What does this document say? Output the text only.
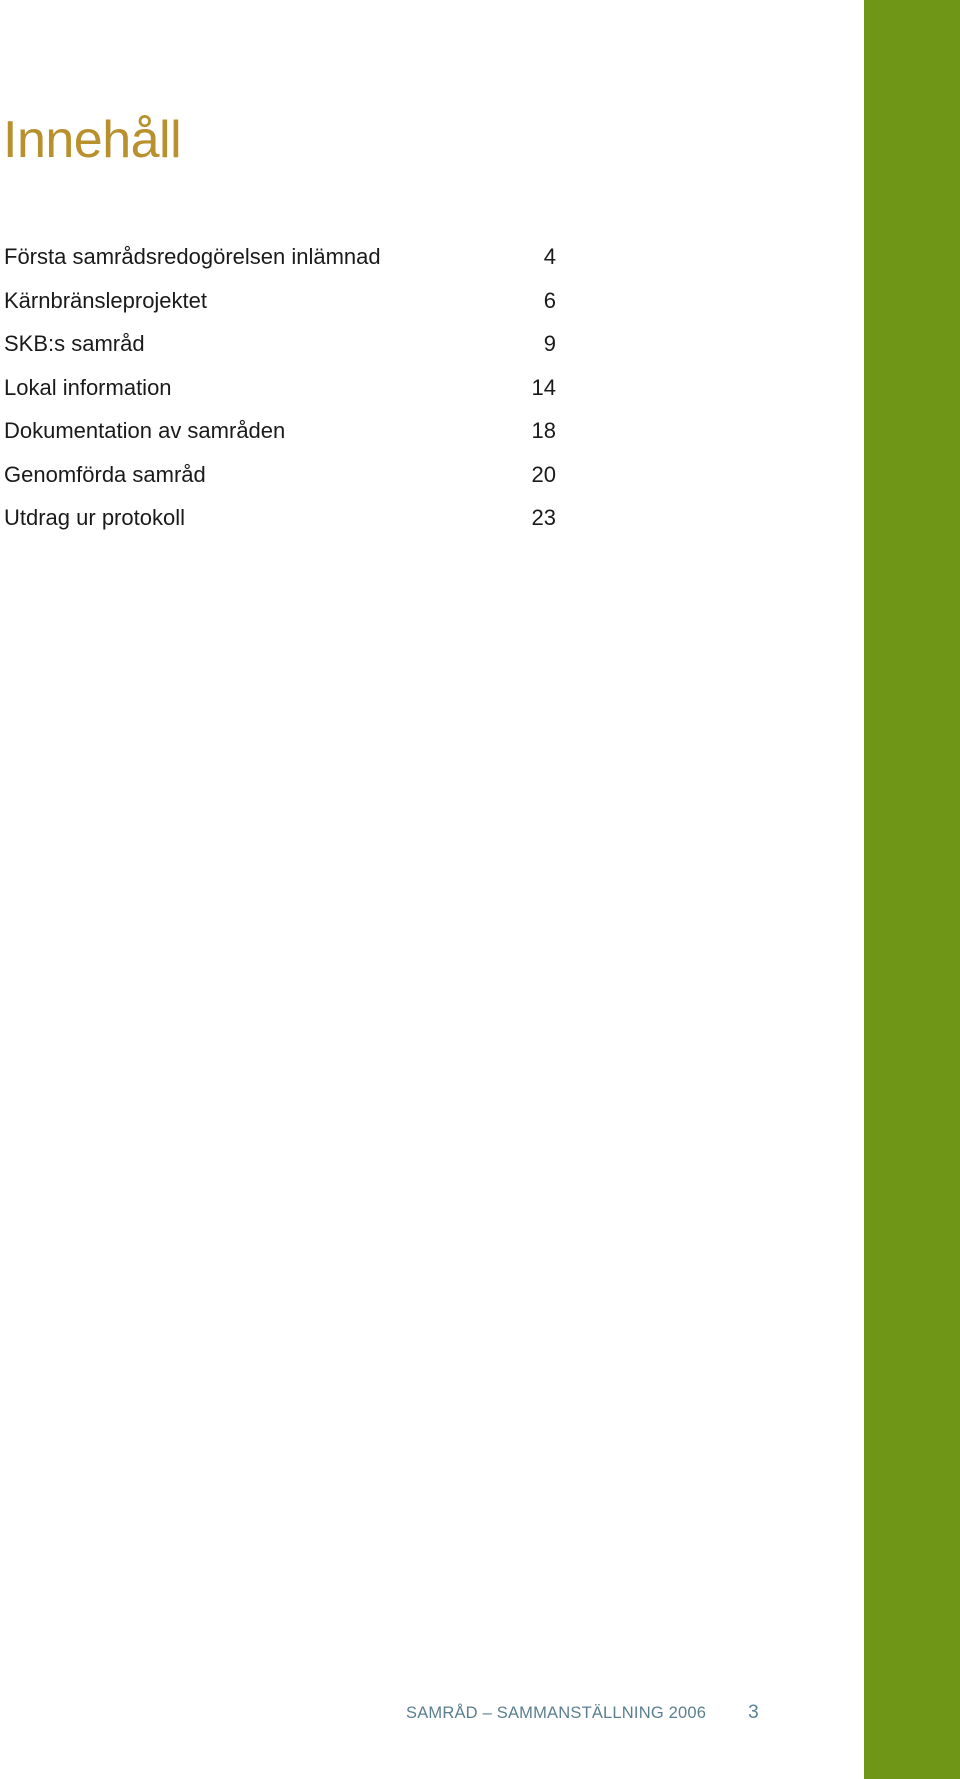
Innehåll
Första samrådsredogörelsen inlämnad	4
Kärnbränsleprojektet	6
SKB:s samråd	9
Lokal information	14
Dokumentation av samråden	18
Genomförda samråd	20
Utdrag ur protokoll	23
SAMRÅD – SAMMANSTÄLLNING 2006 3
